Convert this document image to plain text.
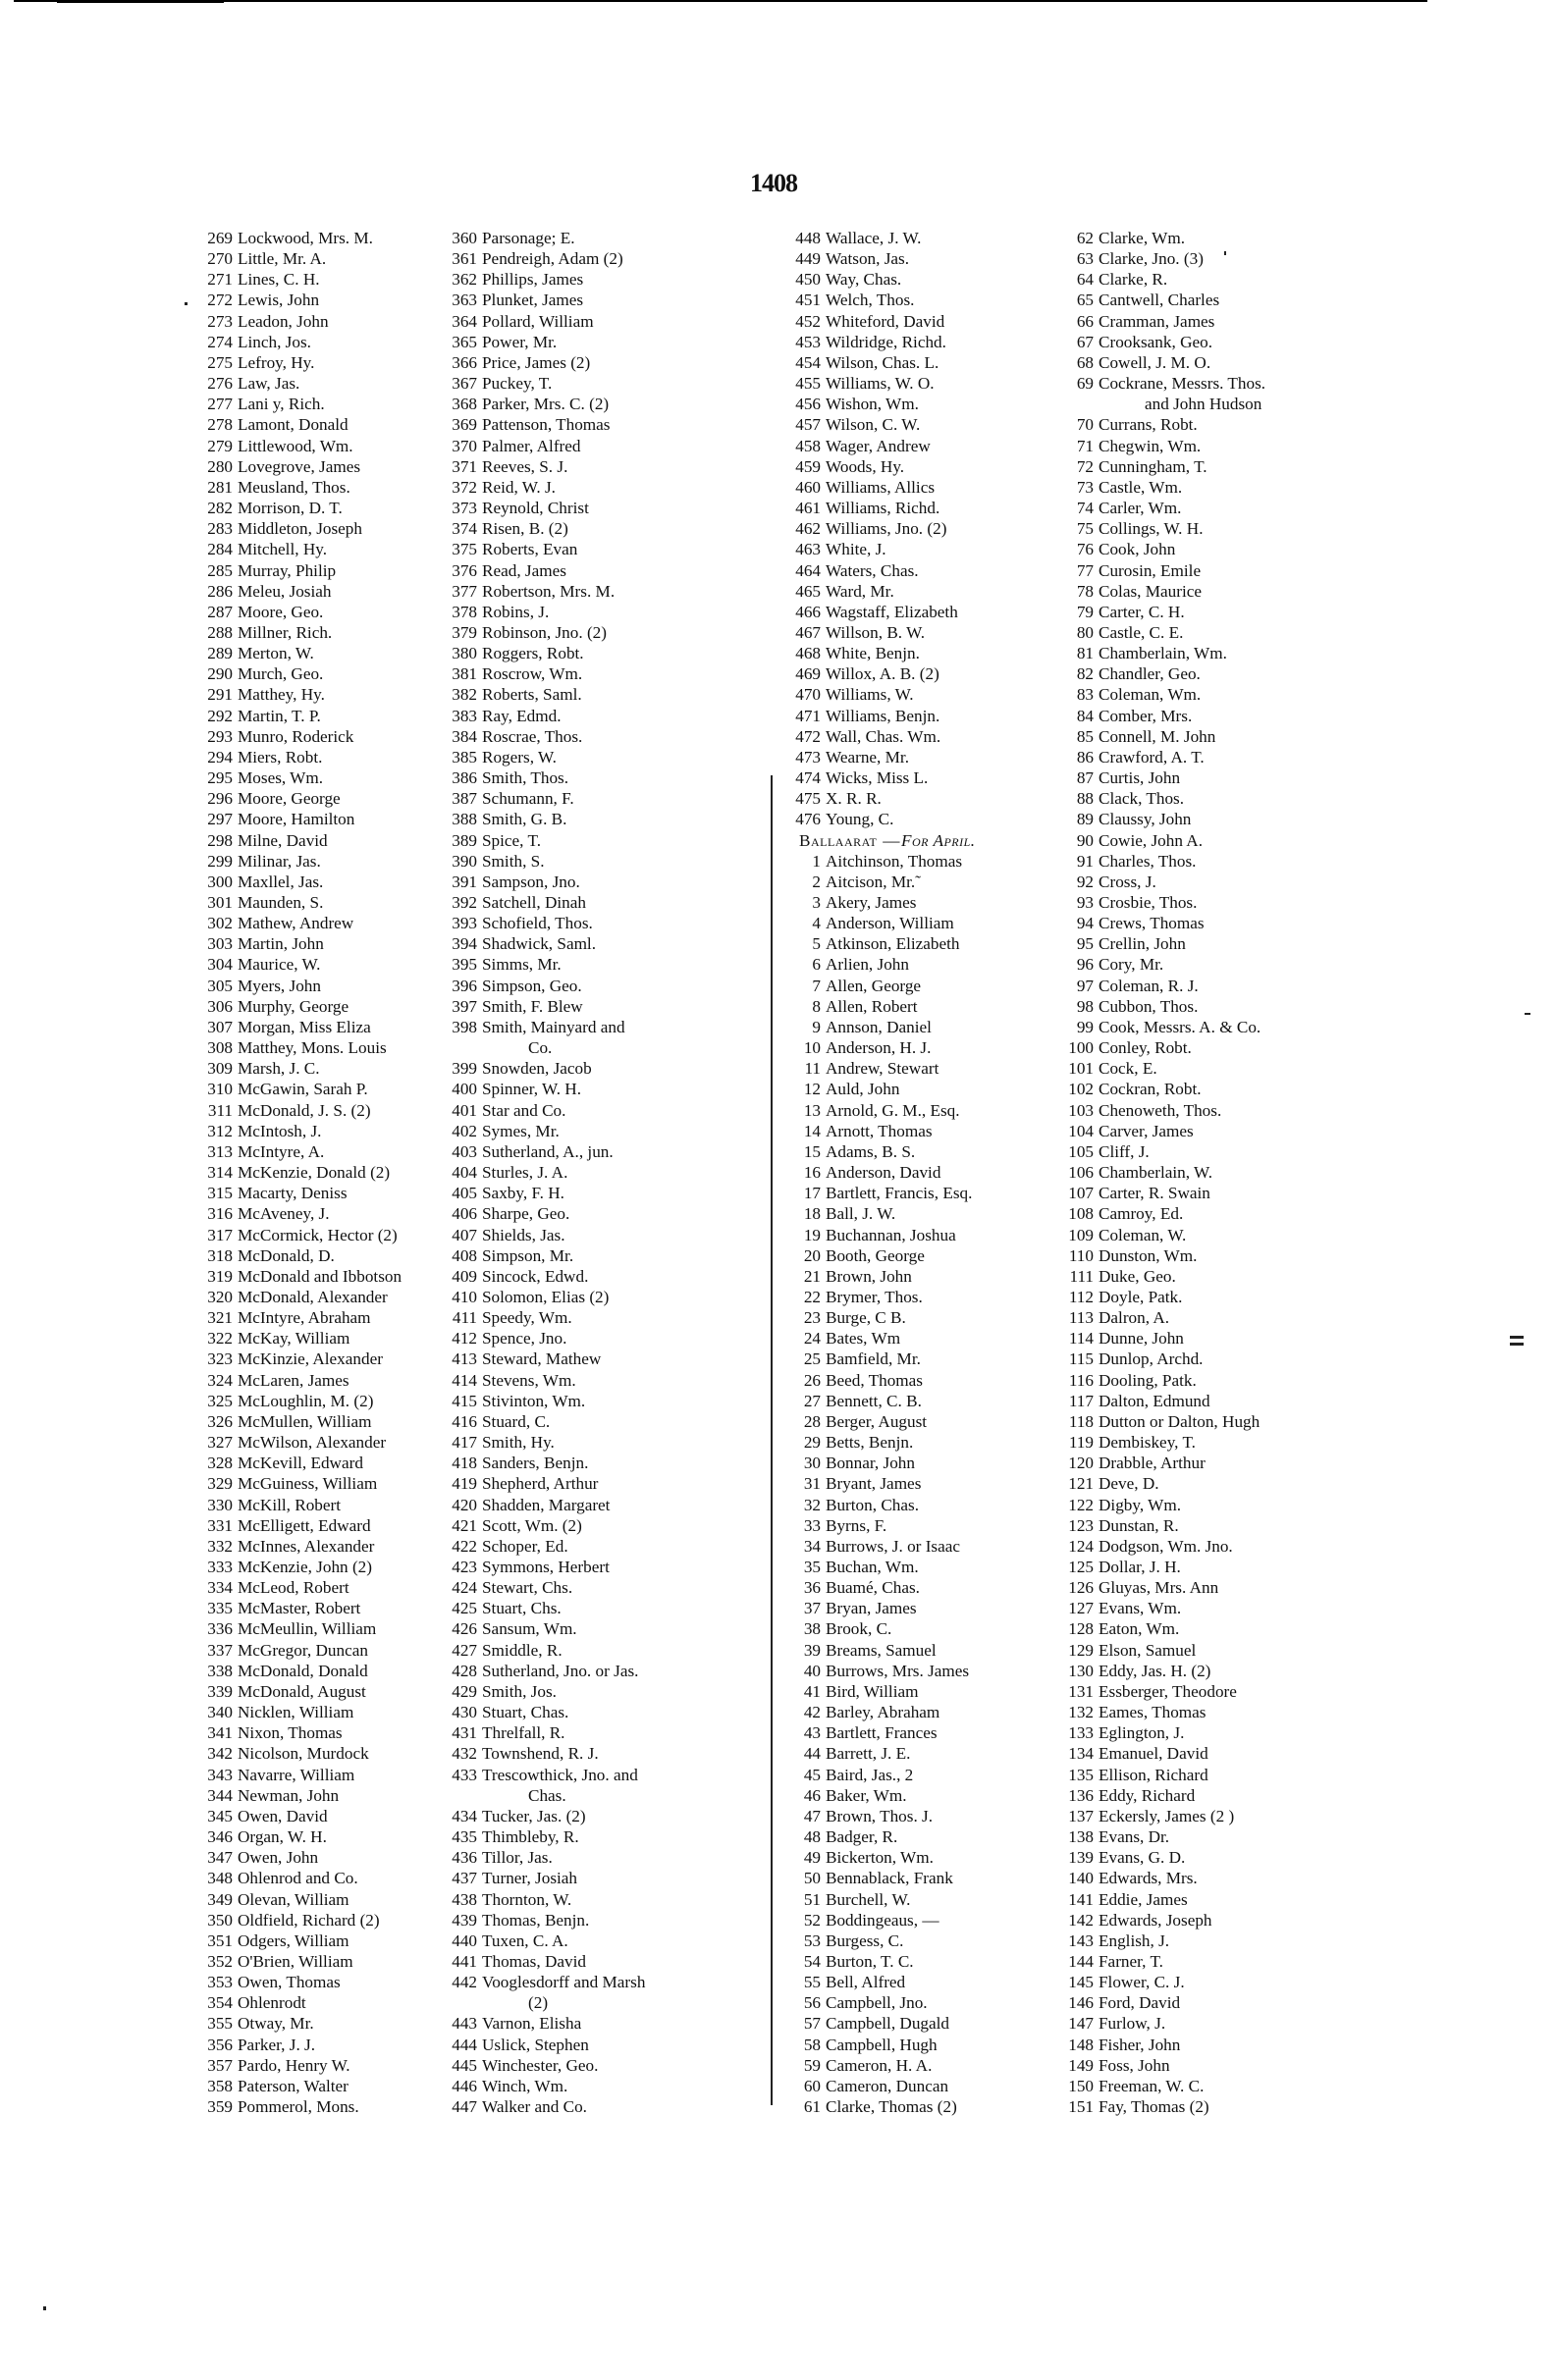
1408
269 Lockwood, Mrs. M.
270 Little, Mr. A.
271 Lines, C. H.
272 Lewis, John
273 Leadon, John
274 Linch, Jos.
275 Lefroy, Hy.
276 Law, Jas.
277 Lani y, Rich.
278 Lamont, Donald
279 Littlewood, Wm.
280 Lovegrove, James
281 Meusland, Thos.
282 Morrison, D. T.
283 Middleton, Joseph
284 Mitchell, Hy.
285 Murray, Philip
286 Meleu, Josiah
287 Moore, Geo.
288 Millner, Rich.
289 Merton, W.
290 Murch, Geo.
291 Matthey, Hy.
292 Martin, T. P.
293 Munro, Roderick
294 Miers, Robt.
295 Moses, Wm.
296 Moore, George
297 Moore, Hamilton
298 Milne, David
299 Milinar, Jas.
300 Maxllel, Jas.
301 Maunden, S.
302 Mathew, Andrew
303 Martin, John
304 Maurice, W.
305 Myers, John
306 Murphy, George
307 Morgan, Miss Eliza
308 Matthey, Mons. Louis
309 Marsh, J. C.
310 McGawin, Sarah P.
311 McDonald, J. S. (2)
312 McIntosh, J.
313 McIntyre, A.
314 McKenzie, Donald (2)
315 Macarty, Deniss
316 McAveney, J.
317 McCormick, Hector (2)
318 McDonald, D.
319 McDonald and Ibbotson
320 McDonald, Alexander
321 McIntyre, Abraham
322 McKay, William
323 McKinzie, Alexander
324 McLaren, James
325 McLoughlin, M. (2)
326 McMullen, William
327 McWilson, Alexander
328 McKevill, Edward
329 McGuiness, William
330 McKill, Robert
331 McElligett, Edward
332 McInnes, Alexander
333 McKenzie, John (2)
334 McLeod, Robert
335 McMaster, Robert
336 McMeullin, William
337 McGregor, Duncan
338 McDonald, Donald
339 McDonald, August
340 Nicklen, William
341 Nixon, Thomas
342 Nicolson, Murdock
343 Navarre, William
344 Newman, John
345 Owen, David
346 Organ, W. H.
347 Owen, John
348 Ohlenrod and Co.
349 Olevan, William
350 Oldfield, Richard (2)
351 Odgers, William
352 O'Brien, William
353 Owen, Thomas
354 Ohlenrodt
355 Otway, Mr.
356 Parker, J. J.
357 Pardo, Henry W.
358 Paterson, Walter
359 Pommerol, Mons.
360 Parsonage; E.
361 Pendreigh, Adam (2)
362 Phillips, James
363 Plunket, James
364 Pollard, William
365 Power, Mr.
366 Price, James (2)
367 Puckey, T.
368 Parker, Mrs. C. (2)
369 Pattenson, Thomas
370 Palmer, Alfred
371 Reeves, S. J.
372 Reid, W. J.
373 Reynold, Christ
374 Risen, B. (2)
375 Roberts, Evan
376 Read, James
377 Robertson, Mrs. M.
378 Robins, J.
379 Robinson, Jno. (2)
380 Roggers, Robt.
381 Roscrow, Wm.
382 Roberts, Saml.
383 Ray, Edmd.
384 Roscrae, Thos.
385 Rogers, W.
386 Smith, Thos.
387 Schumann, F.
388 Smith, G. B.
389 Spice, T.
390 Smith, S.
391 Sampson, Jno.
392 Satchell, Dinah
393 Schofield, Thos.
394 Shadwick, Saml.
395 Simms, Mr.
396 Simpson, Geo.
397 Smith, F. Blew
398 Smith, Mainyard and
Co.
399 Snowden, Jacob
400 Spinner, W. H.
401 Star and Co.
402 Symes, Mr.
403 Sutherland, A., jun.
404 Sturles, J. A.
405 Saxby, F. H.
406 Sharpe, Geo.
407 Shields, Jas.
408 Simpson, Mr.
409 Sincock, Edwd.
410 Solomon, Elias (2)
411 Speedy, Wm.
412 Spence, Jno.
413 Steward, Mathew
414 Stevens, Wm.
415 Stivinton, Wm.
416 Stuard, C.
417 Smith, Hy.
418 Sanders, Benjn.
419 Shepherd, Arthur
420 Shadden, Margaret
421 Scott, Wm. (2)
422 Schoper, Ed.
423 Symmons, Herbert
424 Stewart, Chs.
425 Stuart, Chs.
426 Sansum, Wm.
427 Smiddle, R.
428 Sutherland, Jno. or Jas.
429 Smith, Jos.
430 Stuart, Chas.
431 Threlfall, R.
432 Townshend, R. J.
433 Trescowthick, Jno. and
Chas.
434 Tucker, Jas. (2)
435 Thimbleby, R.
436 Tillor, Jas.
437 Turner, Josiah
438 Thornton, W.
439 Thomas, Benjn.
440 Tuxen, C. A.
441 Thomas, David
442 Vooglesdorff and Marsh
(2)
443 Varnon, Elisha
444 Uslick, Stephen
445 Winchester, Geo.
446 Winch, Wm.
447 Walker and Co.
448 Wallace, J. W.
449 Watson, Jas.
450 Way, Chas.
451 Welch, Thos.
452 Whiteford, David
453 Wildridge, Richd.
454 Wilson, Chas. L.
455 Williams, W. O.
456 Wishon, Wm.
457 Wilson, C. W.
458 Wager, Andrew
459 Woods, Hy.
460 Williams, Allics
461 Williams, Richd.
462 Williams, Jno. (2)
463 White, J.
464 Waters, Chas.
465 Ward, Mr.
466 Wagstaff, Elizabeth
467 Willson, B. W.
468 White, Benjn.
469 Willox, A. B. (2)
470 Williams, W.
471 Williams, Benjn.
472 Wall, Chas. Wm.
473 Wearne, Mr.
474 Wicks, Miss L.
475 X. R. R.
476 Young, C.
Ballaarat —For April.
1 Aitchinson, Thomas
2 Aitcison, Mr.˜
3 Akery, James
4 Anderson, William
5 Atkinson, Elizabeth
6 Arlien, John
7 Allen, George
8 Allen, Robert
9 Annson, Daniel
10 Anderson, H. J.
11 Andrew, Stewart
12 Auld, John
13 Arnold, G. M., Esq.
14 Arnott, Thomas
15 Adams, B. S.
16 Anderson, David
17 Bartlett, Francis, Esq.
18 Ball, J. W.
19 Buchannan, Joshua
20 Booth, George
21 Brown, John
22 Brymer, Thos.
23 Burge, C B.
24 Bates, Wm
25 Bamfield, Mr.
26 Beed, Thomas
27 Bennett, C. B.
28 Berger, August
29 Betts, Benjn.
30 Bonnar, John
31 Bryant, James
32 Burton, Chas.
33 Byrns, F.
34 Burrows, J. or Isaac
35 Buchan, Wm.
36 Buamé, Chas.
37 Bryan, James
38 Brook, C.
39 Breams, Samuel
40 Burrows, Mrs. James
41 Bird, William
42 Barley, Abraham
43 Bartlett, Frances
44 Barrett, J. E.
45 Baird, Jas., 2
46 Baker, Wm.
47 Brown, Thos. J.
48 Badger, R.
49 Bickerton, Wm.
50 Bennablack, Frank
51 Burchell, W.
52 Boddingeaus, —
53 Burgess, C.
54 Burton, T. C.
55 Bell, Alfred
56 Campbell, Jno.
57 Campbell, Dugald
58 Campbell, Hugh
59 Cameron, H. A.
60 Cameron, Duncan
61 Clarke, Thomas (2)
62 Clarke, Wm.
63 Clarke, Jno. (3)
64 Clarke, R.
65 Cantwell, Charles
66 Cramman, James
67 Crooksank, Geo.
68 Cowell, J. M. O.
69 Cockrane, Messrs. Thos.
and John Hudson
70 Currans, Robt.
71 Chegwin, Wm.
72 Cunningham, T.
73 Castle, Wm.
74 Carler, Wm.
75 Collings, W. H.
76 Cook, John
77 Curosin, Emile
78 Colas, Maurice
79 Carter, C. H.
80 Castle, C. E.
81 Chamberlain, Wm.
82 Chandler, Geo.
83 Coleman, Wm.
84 Comber, Mrs.
85 Connell, M. John
86 Crawford, A. T.
87 Curtis, John
88 Clack, Thos.
89 Claussy, John
90 Cowie, John A.
91 Charles, Thos.
92 Cross, J.
93 Crosbie, Thos.
94 Crews, Thomas
95 Crellin, John
96 Cory, Mr.
97 Coleman, R. J.
98 Cubbon, Thos.
99 Cook, Messrs. A. & Co.
100 Conley, Robt.
101 Cock, E.
102 Cockran, Robt.
103 Chenoweth, Thos.
104 Carver, James
105 Cliff, J.
106 Chamberlain, W.
107 Carter, R. Swain
108 Camroy, Ed.
109 Coleman, W.
110 Dunston, Wm.
111 Duke, Geo.
112 Doyle, Patk.
113 Dalron, A.
114 Dunne, John
115 Dunlop, Archd.
116 Dooling, Patk.
117 Dalton, Edmund
118 Dutton or Dalton, Hugh
119 Dembiskey, T.
120 Drabble, Arthur
121 Deve, D.
122 Digby, Wm.
123 Dunstan, R.
124 Dodgson, Wm. Jno.
125 Dollar, J. H.
126 Gluyas, Mrs. Ann
127 Evans, Wm.
128 Eaton, Wm.
129 Elson, Samuel
130 Eddy, Jas. H. (2)
131 Essberger, Theodore
132 Eames, Thomas
133 Eglington, J.
134 Emanuel, David
135 Ellison, Richard
136 Eddy, Richard
137 Eckersly, James (2 )
138 Evans, Dr.
139 Evans, G. D.
140 Edwards, Mrs.
141 Eddie, James
142 Edwards, Joseph
143 English, J.
144 Farner, T.
145 Flower, C. J.
146 Ford, David
147 Furlow, J.
148 Fisher, John
149 Foss, John
150 Freeman, W. C.
151 Fay, Thomas (2)
